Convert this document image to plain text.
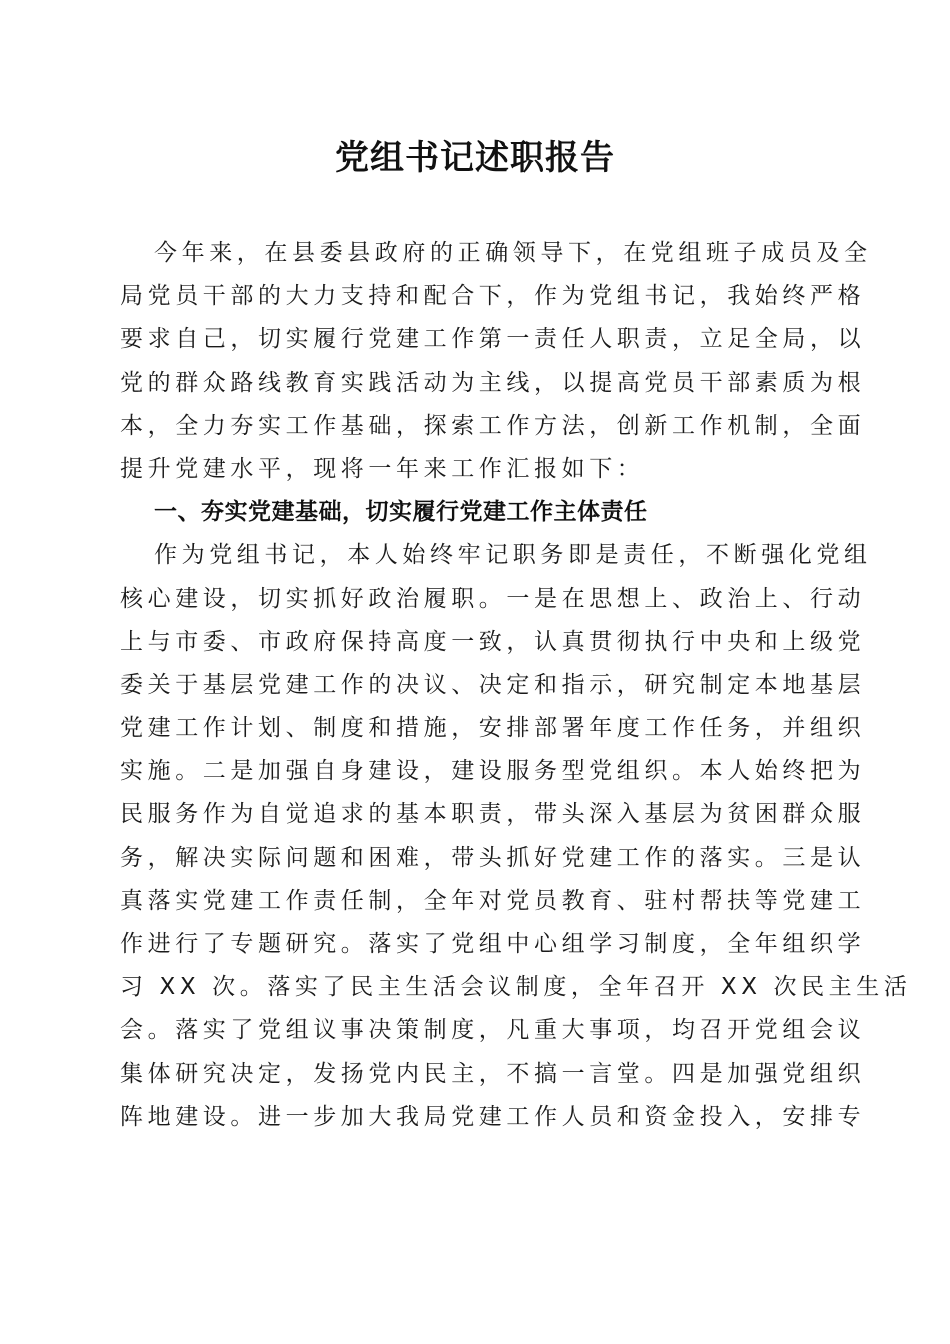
党组书记述职报告
今年来，在县委县政府的正确领导下，在党组班子成员及全
局党员干部的大力支持和配合下，作为党组书记，我始终严格
要求自己，切实履行党建工作第一责任人职责，立足全局，以
党的群众路线教育实践活动为主线，以提高党员干部素质为根
本，全力夯实工作基础，探索工作方法，创新工作机制，全面
提升党建水平，现将一年来工作汇报如下：
一、夯实党建基础，切实履行党建工作主体责任
作为党组书记，本人始终牢记职务即是责任，不断强化党组
核心建设，切实抓好政治履职。一是在思想上、政治上、行动
上与市委、市政府保持高度一致，认真贯彻执行中央和上级党
委关于基层党建工作的决议、决定和指示，研究制定本地基层
党建工作计划、制度和措施，安排部署年度工作任务，并组织
实施。二是加强自身建设，建设服务型党组织。本人始终把为
民服务作为自觉追求的基本职责，带头深入基层为贫困群众服
务，解决实际问题和困难，带头抓好党建工作的落实。三是认
真落实党建工作责任制，全年对党员教育、驻村帮扶等党建工
作进行了专题研究。落实了党组中心组学习制度，全年组织学
习 XX 次。落实了民主生活会议制度，全年召开 XX 次民主生活
会。落实了党组议事决策制度，凡重大事项，均召开党组会议
集体研究决定，发扬党内民主，不搞一言堂。四是加强党组织
阵地建设。进一步加大我局党建工作人员和资金投入，安排专
